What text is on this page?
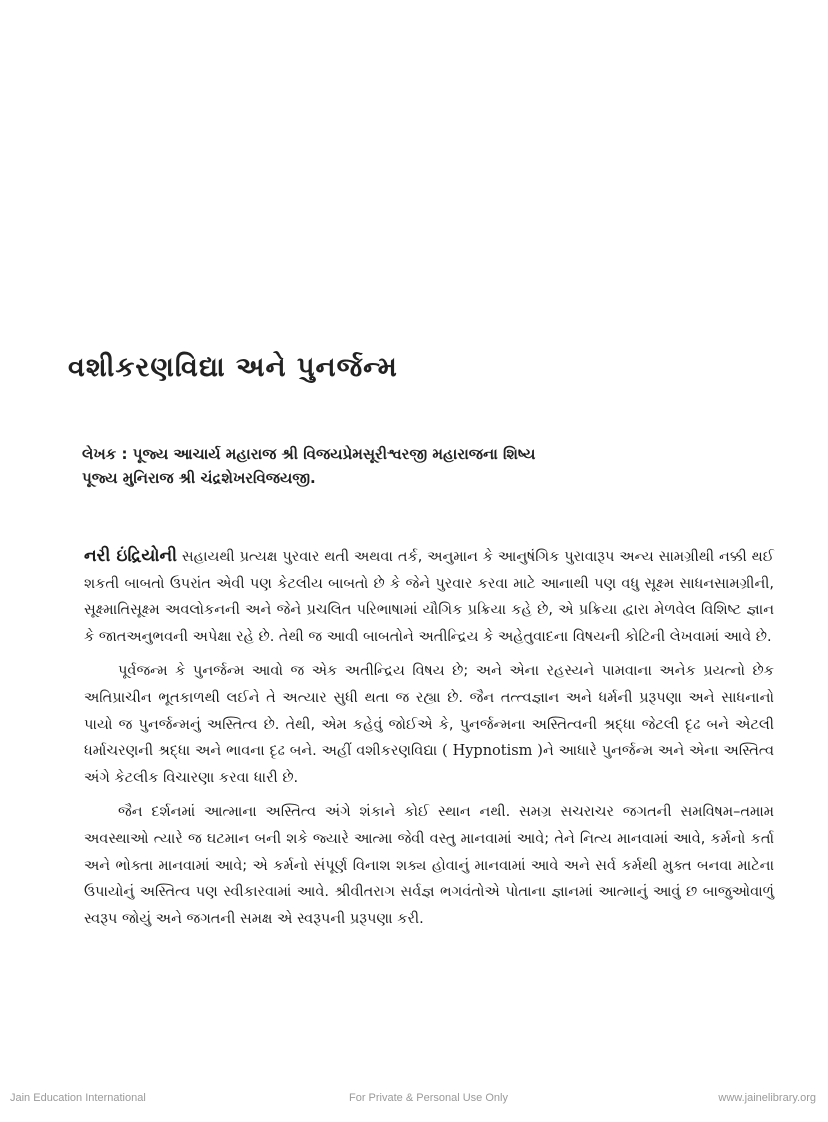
વશીકરણવિદ્યા અને પુનર્જન્મ
લેખક : પૂજ્ય આચાર્ય મહારાજ શ્રી વિજયપ્રેમસૂરીશ્વરજી મહારાજના શિષ્ય
પૂજ્ય મુનિરાજ શ્રી ચંદ્રશેખરવિજયજી.

નરી ઇંદ્રિયોની સહાયથી પ્રત્યક્ષ પુરવાર થતી અથવા તર્ક, અનુમાન કે આનુષંગિક પુરાવારૂપ અન્ય સામગ્રીથી નક્કી થઈ શકતી બાબતો ઉપરાંત એવી પણ કેટલીય બાબતો છે કે જેને પુરવાર કરવા માટે આનાથી પણ વધુ સૂક્ષ્મ સાધનસામગ્રીની, સૂક્ષ્માતિસૂક્ષ્મ અવલોકનની અને જેને પ્રચલિત પરિભાષામાં યૌગિક પ્રક્રિયા કહે છે, એ પ્રક્રિયા દ્વારા મેળવેલ વિશિષ્ટ જ્ઞાન કે જાતઅનુભવની અપેક્ષા રહે છે. તેથી જ આવી બાબતોને અતીન્દ્રિય કે અહેતુવાદના વિષયની કોટિની લેખવામાં આવે છે.

પૂર્વજન્મ કે પુનર્જન્મ આવો જ એક અતીન્દ્રિય વિષય છે; અને એના રહસ્યને પામવાના અનેક પ્રયત્નો છેક અતિપ્રાચીન ભૂતકાળથી લઈને તે અત્યાર સુધી થતા જ રહ્યા છે. જૈન તત્ત્વજ્ઞાન અને ધર્મની પ્રરૂપણા અને સાધનાનો પાયો જ પુનર્જન્મનું અસ્તિત્વ છે. તેથી, એમ કહેવું જોઈએ કે, પુનર્જન્મના અસ્તિત્વની શ્રદ્ધા જેટલી દૃઢ બને એટલી ધર્માચરણની શ્રદ્ધા અને ભાવના દૃઢ બને. અહીં વશીકરણવિદ્યા ( Hypnotism )ને આધારે પુનર્જન્મ અને એના અસ્તિત્વ અંગે કેટલીક વિચારણા કરવા ધારી છે.

જૈન દર્શનમાં આત્માના અસ્તિત્વ અંગે શંકાને કોઈ સ્થાન નથી. સમગ્ર સચરાચર જગતની સમવિષમ–તમામ અવસ્થાઓ ત્યારે જ ઘટમાન બની શકે જ્યારે આત્મા જેવી વસ્તુ માનવામાં આવે; તેને નિત્ય માનવામાં આવે, કર્મનો કર્તા અને ભોક્તા માનવામાં આવે; એ કર્મનો સંપૂર્ણ વિનાશ શક્ય હોવાનું માનવામાં આવે અને સર્વ કર્મથી મુક્ત બનવા માટેના ઉપાયોનું અસ્તિત્વ પણ સ્વીકારવામાં આવે. શ્રીવીતરાગ સર્વજ્ઞ ભગવંતોએ પોતાના જ્ઞાનમાં આત્માનું આવું છ બાજુઓવાળું સ્વરૂપ જોયું અને જગતની સમક્ષ એ સ્વરૂપની પ્રરૂપણા કરી.

Jain Education International	For Private & Personal Use Only	www.jainelibrary.org
